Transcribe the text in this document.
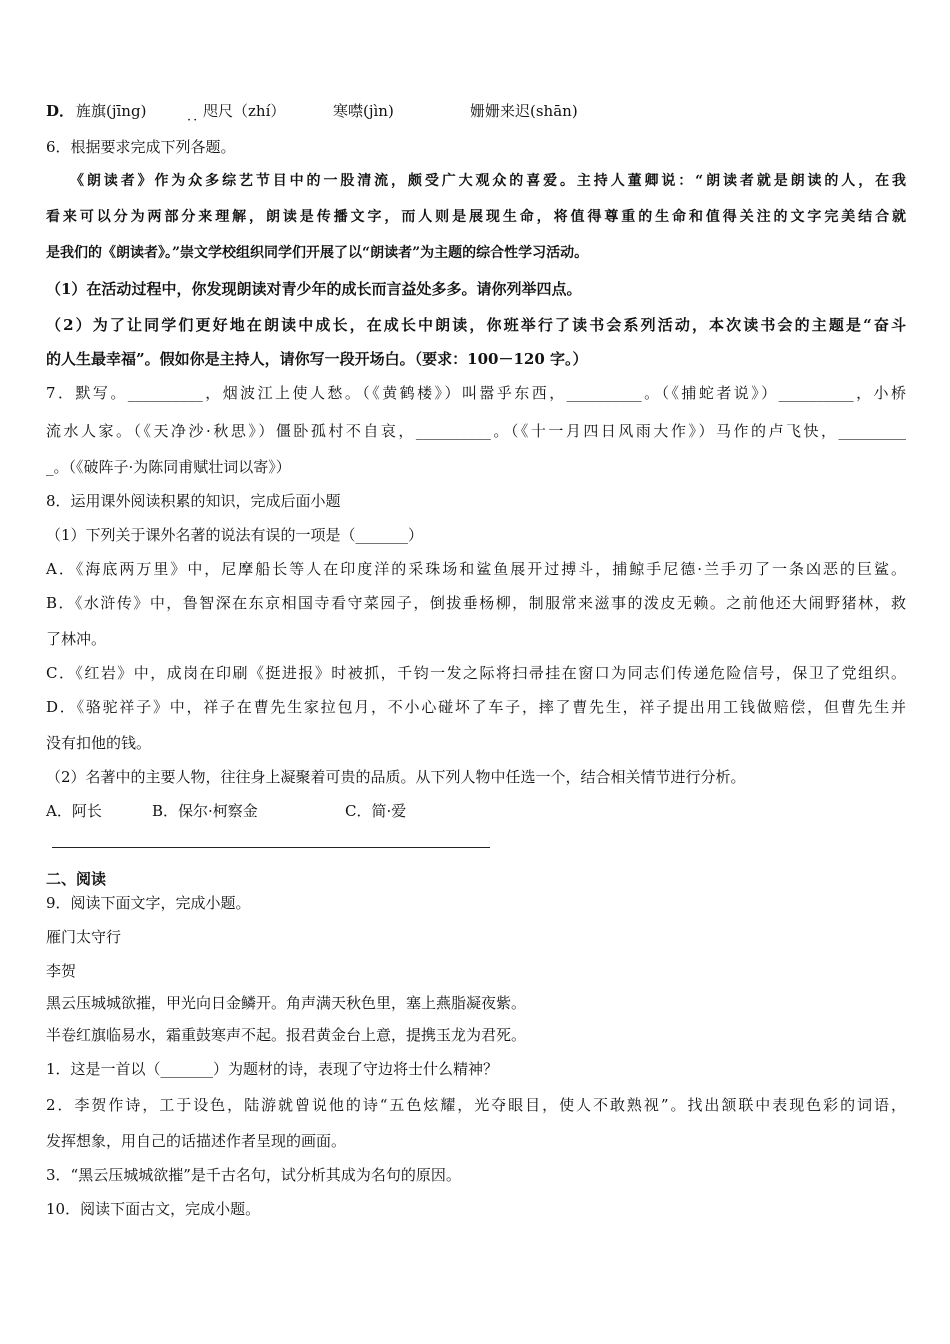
D． 旌旗(jīng)
··
咫尺（zhí）	寒噤(jìn)	姗姗来迟(shān)
6．根据要求完成下列各题。
《朗读者》作为众多综艺节目中的一股清流，颇受广大观众的喜爱。主持人董卿说：“朗读者就是朗读的人，在我
看来可以分为两部分来理解，朗读是传播文字，而人则是展现生命，将值得尊重的生命和值得关注的文字完美结合就
是我们的《朗读者》。”崇文学校组织同学们开展了以“朗读者”为主题的综合性学习活动。
（1）在活动过程中，你发现朗读对青少年的成长而言益处多多。请你列举四点。
（2）为了让同学们更好地在朗读中成长，在成长中朗读，你班举行了读书会系列活动，本次读书会的主题是“奋斗
的人生最幸福”。假如你是主持人，请你写一段开场白。（要求：100－120 字。）
7．默写。__________，烟波江上使人愁。（《黄鹤楼》）叫嚣乎东西，__________。（《捕蛇者说》）__________，小桥
流水人家。（《天净沙·秋思》）僵卧孤村不自哀，__________。（《十一月四日风雨大作》）马作的卢飞快，_________
_。（《破阵子·为陈同甫赋壮词以寄》）
8．运用课外阅读积累的知识，完成后面小题
（1）下列关于课外名著的说法有误的一项是（_______）
A．《海底两万里》中，尼摩船长等人在印度洋的采珠场和鲨鱼展开过搏斗，捕鲸手尼德·兰手刃了一条凶恶的巨鲨。
B．《水浒传》中，鲁智深在东京相国寺看守菜园子，倒拔垂杨柳，制服常来滋事的泼皮无赖。之前他还大闹野猪林，救
了林冲。
C．《红岩》中，成岗在印刷《挺进报》时被抓，千钧一发之际将扫帚挂在窗口为同志们传递危险信号，保卫了党组织。
D．《骆驼祥子》中，祥子在曹先生家拉包月，不小心碰坏了车子，摔了曹先生，祥子提出用工钱做赔偿，但曹先生并
没有扣他的钱。
（2）名著中的主要人物，往往身上凝聚着可贵的品质。从下列人物中任选一个，结合相关情节进行分析。
A．阿长	B．保尔·柯察金	C．简·爱
二、阅读
9．阅读下面文字，完成小题。
雁门太守行
李贺
黑云压城城欲摧，甲光向日金鳞开。角声满天秋色里，塞上燕脂凝夜紫。
半卷红旗临易水，霜重鼓寒声不起。报君黄金台上意，提携玉龙为君死。
1．这是一首以（_______）为题材的诗，表现了守边将士什么精神？
2．李贺作诗，工于设色，陆游就曾说他的诗“五色炫耀，光夺眼目，使人不敢熟视”。找出颔联中表现色彩的词语，
发挥想象，用自己的话描述作者呈现的画面。
3．“黑云压城城欲摧”是千古名句，试分析其成为名句的原因。
10．阅读下面古文，完成小题。
